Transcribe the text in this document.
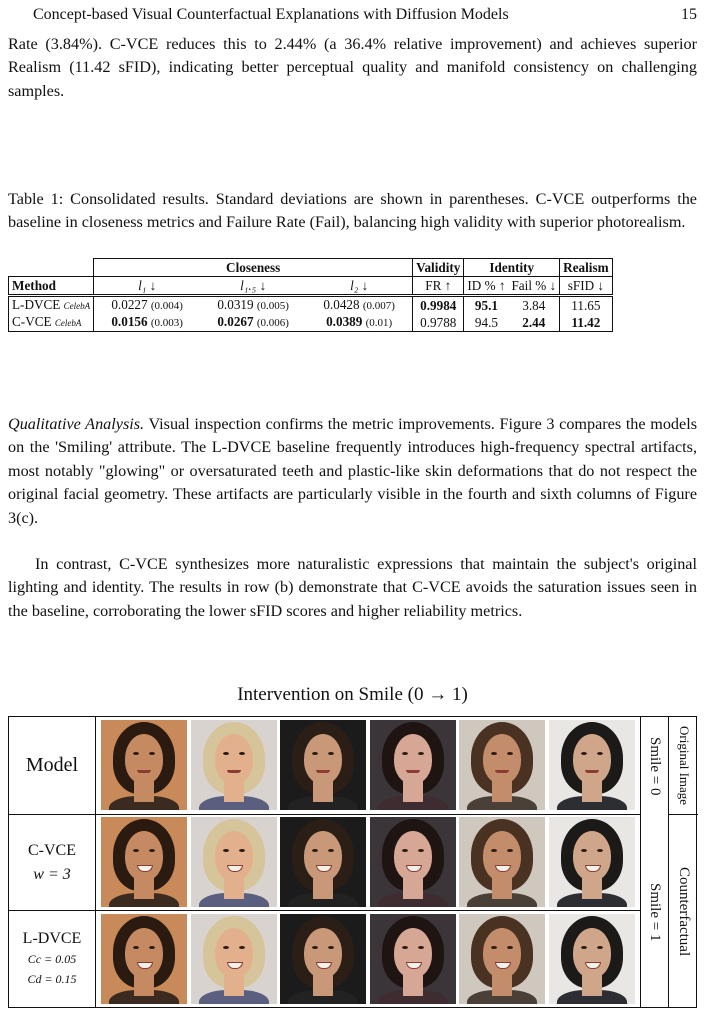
Concept-based Visual Counterfactual Explanations with Diffusion Models	15

Rate (3.84%). C-VCE reduces this to 2.44% (a 36.4% relative improvement) and achieves superior Realism (11.42 sFID), indicating better perceptual quality and manifold consistency on challenging samples.

Table 1: Consolidated results. Standard deviations are shown in parentheses. C-VCE outperforms the baseline in closeness metrics and Failure Rate (Fail), balancing high validity with superior photorealism.

	Closeness			Validity	Identity		Realism
Method	l₁ ↓	l₁.₅ ↓	l₂ ↓	FR ↑	ID % ↑	Fail % ↓	sFID ↓
L-DVCE CelebA	0.0227 (0.004)	0.0319 (0.005)	0.0428 (0.007)	0.9984	95.1	3.84	11.65
C-VCE CelebA	0.0156 (0.003)	0.0267 (0.006)	0.0389 (0.01)	0.9788	94.5	2.44	11.42

Qualitative Analysis. Visual inspection confirms the metric improvements. Figure 3 compares the models on the 'Smiling' attribute. The L-DVCE baseline frequently introduces high-frequency spectral artifacts, most notably "glowing" or oversaturated teeth and plastic-like skin deformations that do not respect the original facial geometry. These artifacts are particularly visible in the fourth and sixth columns of Figure 3(c).

In contrast, C-VCE synthesizes more naturalistic expressions that maintain the subject's original lighting and identity. The results in row (b) demonstrate that C-VCE avoids the saturation issues seen in the baseline, corroborating the lower sFID scores and higher reliability metrics.

Intervention on Smile (0 → 1)
Model
C-VCE
w = 3
L-DVCE
Cc = 0.05
Cd = 0.15
Smile = 0
Smile = 1
Original Image
Counterfactual
